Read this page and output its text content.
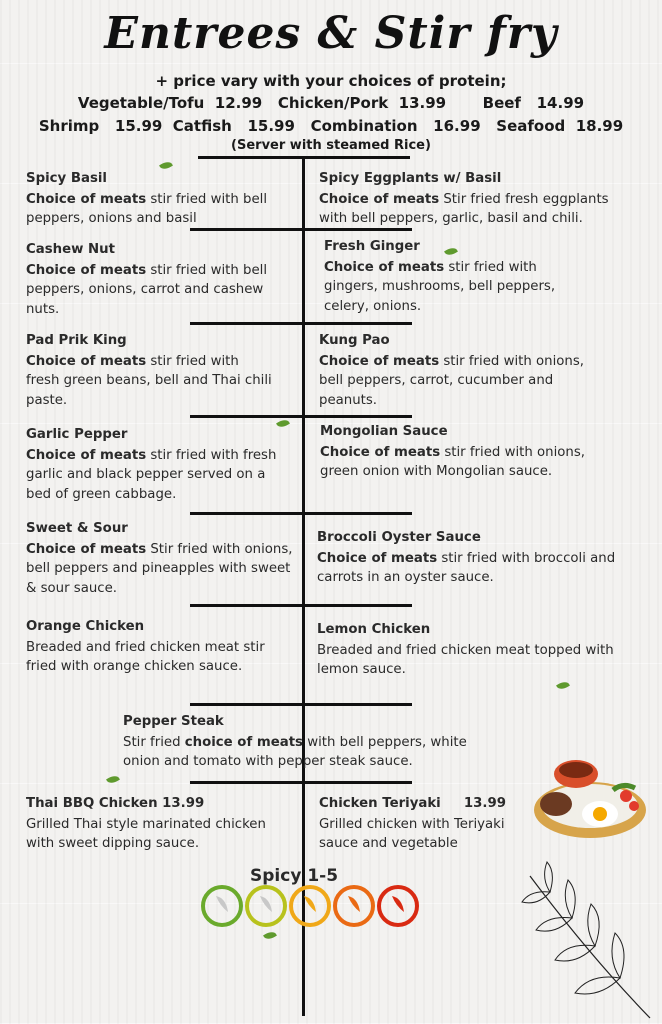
Entrees & Stir fry
+ price vary with your choices of protein;
Vegetable/Tofu  12.99   Chicken/Pork  13.99       Beef   14.99
Shrimp   15.99  Catfish   15.99   Combination   16.99   Seafood  18.99
(Server with steamed Rice)
Spicy Basil
Choice of meats stir fried with bell peppers, onions and basil
Spicy Eggplants w/ Basil
Choice of meats Stir fried fresh eggplants with bell peppers, garlic, basil and chili.
Cashew Nut
Choice of meats stir fried with bell peppers, onions, carrot and cashew nuts.
Fresh Ginger
Choice of meats stir fried with gingers, mushrooms, bell peppers, celery, onions.
Pad Prik King
Choice of meats stir fried with fresh green beans, bell and Thai chili paste.
Kung Pao
Choice of meats stir fried with onions, bell peppers, carrot, cucumber and peanuts.
Garlic Pepper
Choice of meats stir fried with fresh garlic and black pepper served on a bed of green cabbage.
Mongolian Sauce
Choice of meats stir fried with onions, green onion with Mongolian sauce.
Sweet & Sour
Choice of meats Stir fried with onions, bell peppers and pineapples with sweet & sour sauce.
Broccoli Oyster Sauce
Choice of meats stir fried with broccoli and carrots in an oyster sauce.
Orange Chicken
Breaded and fried chicken meat stir fried with orange chicken sauce.
Lemon Chicken
Breaded and fried chicken meat topped with lemon sauce.
Pepper Steak
Stir fried choice of meats with bell peppers, white onion and tomato with pepper steak sauce.
Thai BBQ Chicken 13.99
Grilled Thai style marinated chicken with sweet dipping sauce.
Chicken Teriyaki     13.99
Grilled chicken with Teriyaki sauce and vegetable
Spicy 1-5
